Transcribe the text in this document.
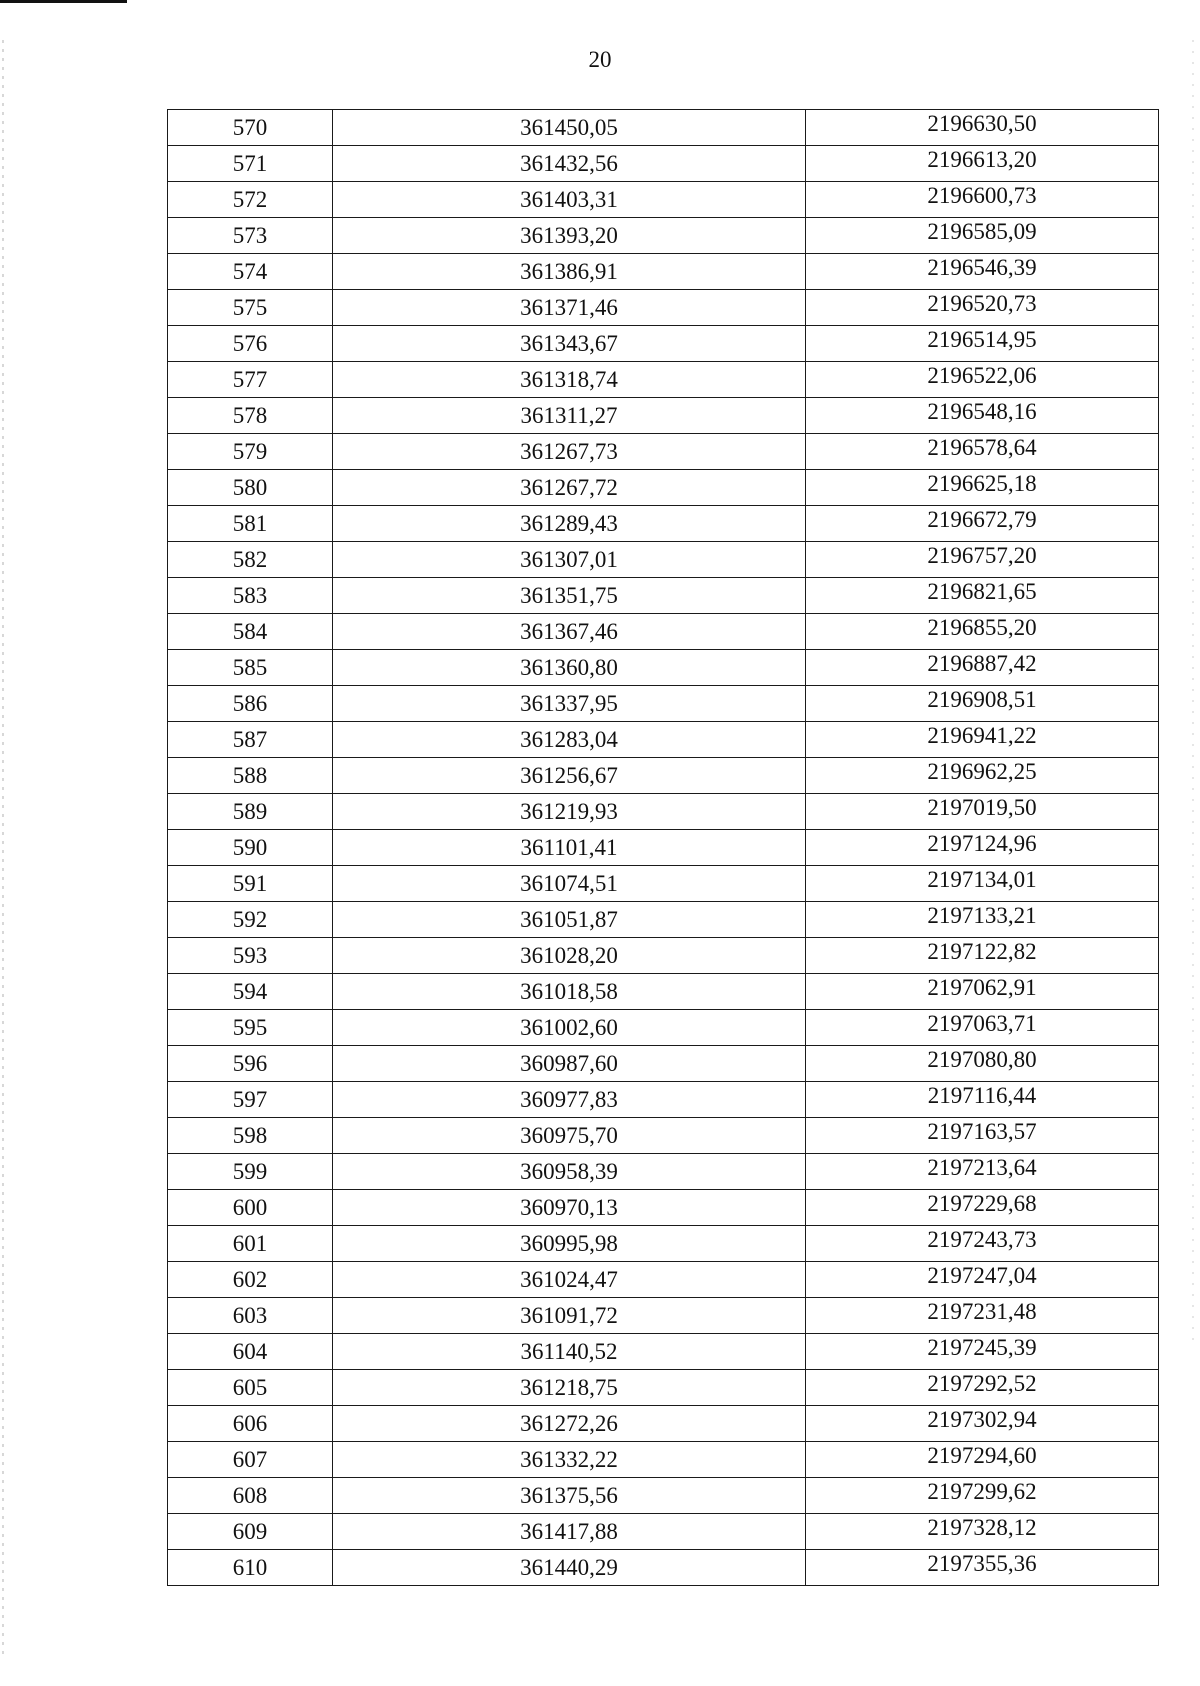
20
570	361450,05	2196630,50
571	361432,56	2196613,20
572	361403,31	2196600,73
573	361393,20	2196585,09
574	361386,91	2196546,39
575	361371,46	2196520,73
576	361343,67	2196514,95
577	361318,74	2196522,06
578	361311,27	2196548,16
579	361267,73	2196578,64
580	361267,72	2196625,18
581	361289,43	2196672,79
582	361307,01	2196757,20
583	361351,75	2196821,65
584	361367,46	2196855,20
585	361360,80	2196887,42
586	361337,95	2196908,51
587	361283,04	2196941,22
588	361256,67	2196962,25
589	361219,93	2197019,50
590	361101,41	2197124,96
591	361074,51	2197134,01
592	361051,87	2197133,21
593	361028,20	2197122,82
594	361018,58	2197062,91
595	361002,60	2197063,71
596	360987,60	2197080,80
597	360977,83	2197116,44
598	360975,70	2197163,57
599	360958,39	2197213,64
600	360970,13	2197229,68
601	360995,98	2197243,73
602	361024,47	2197247,04
603	361091,72	2197231,48
604	361140,52	2197245,39
605	361218,75	2197292,52
606	361272,26	2197302,94
607	361332,22	2197294,60
608	361375,56	2197299,62
609	361417,88	2197328,12
610	361440,29	2197355,36
